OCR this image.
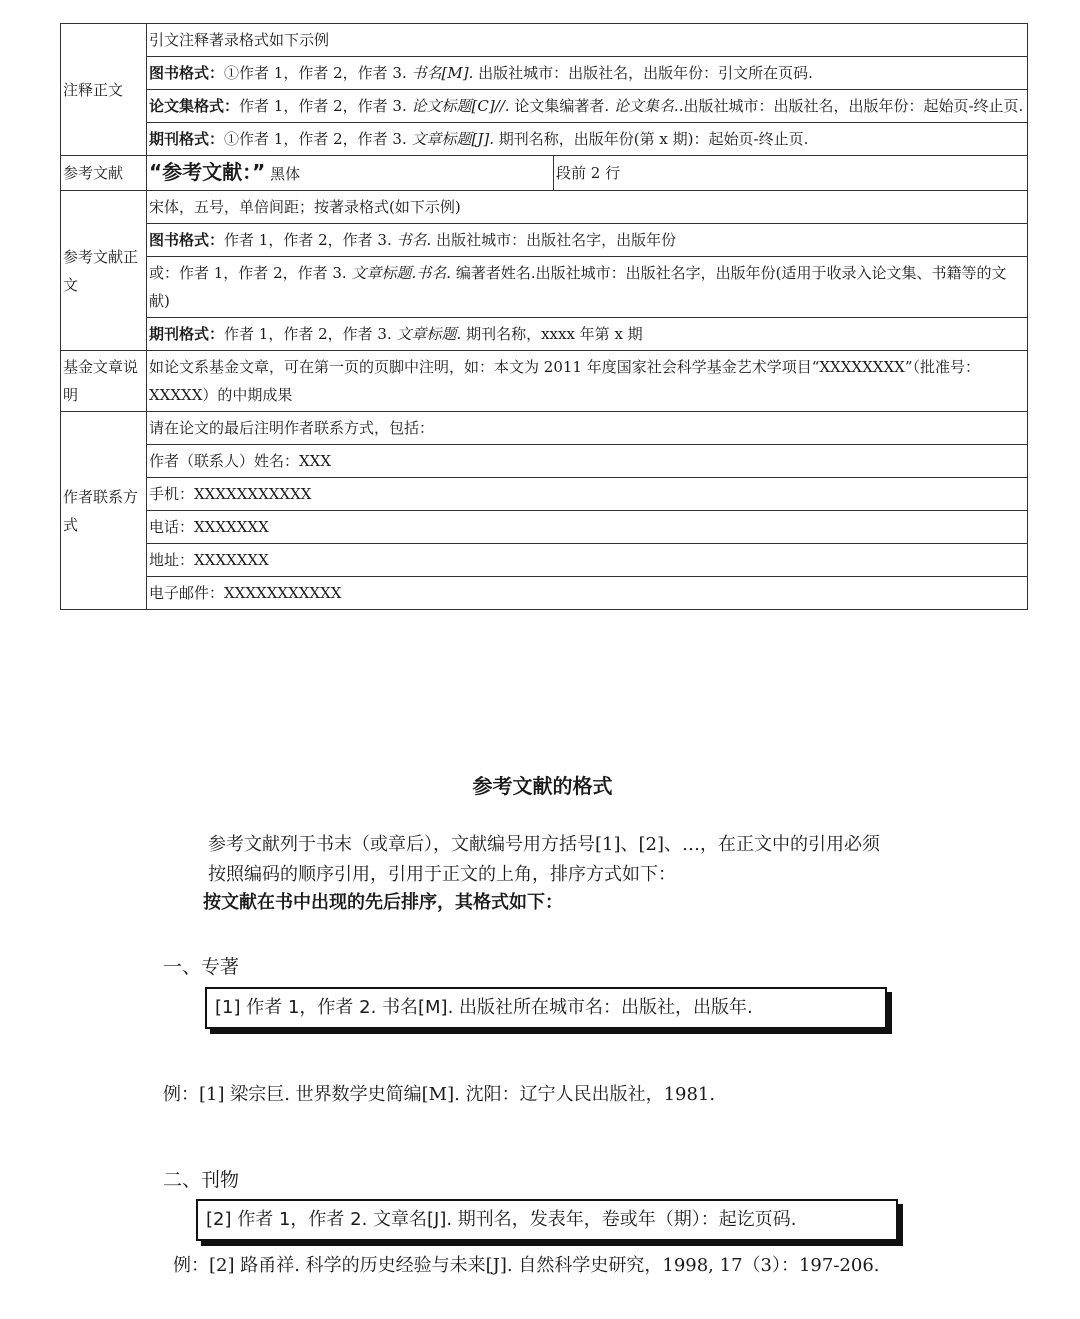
注释正文	引文注释著录格式如下示例	
	图书格式：①作者 1，作者 2，作者 3. 书名[M]. 出版社城市：出版社名，出版年份：引文所在页码.	
	论文集格式：作者 1，作者 2，作者 3. 论文标题[C]//. 论文集编著者. 论文集名..出版社城市：出版社名，出版年份：起始页-终止页.	
	期刊格式：①作者 1，作者 2，作者 3. 文章标题[J]. 期刊名称，出版年份(第 x 期)：起始页-终止页.	
参考文献	“参考文献：” 黑体	段前 2 行
参考文献正文	宋体，五号，单倍间距；按著录格式(如下示例)	
	图书格式：作者 1，作者 2，作者 3. 书名. 出版社城市：出版社名字，出版年份	
	或：作者 1，作者 2，作者 3. 文章标题.书名. 编著者姓名.出版社城市：出版社名字，出版年份(适用于收录入论文集、书籍等的文献)	
	期刊格式：作者 1，作者 2，作者 3. 文章标题. 期刊名称，xxxx 年第 x 期	
基金文章说明	如论文系基金文章，可在第一页的页脚中注明，如：本文为 2011 年度国家社会科学基金艺术学项目“XXXXXXXX”（批准号：XXXXX）的中期成果	
作者联系方式	请在论文的最后注明作者联系方式，包括：	
	作者（联系人）姓名：XXX	
	手机：XXXXXXXXXXX	
	电话：XXXXXXX	
	地址：XXXXXXX	
	电子邮件：XXXXXXXXXXX	
参考文献的格式
参考文献列于书末（或章后），文献编号用方括号[1]、[2]、…，在正文中的引用必须
按照编码的顺序引用，引用于正文的上角，排序方式如下：
按文献在书中出现的先后排序，其格式如下：
一、专著
[1] 作者 1，作者 2. 书名[M]. 出版社所在城市名：出版社，出版年.
例：[1] 梁宗巨. 世界数学史简编[M]. 沈阳：辽宁人民出版社，1981.
二、刊物
[2] 作者 1，作者 2. 文章名[J]. 期刊名，发表年，卷或年（期）：起讫页码.
例：[2] 路甬祥. 科学的历史经验与未来[J]. 自然科学史研究，1998, 17（3）：197-206.
